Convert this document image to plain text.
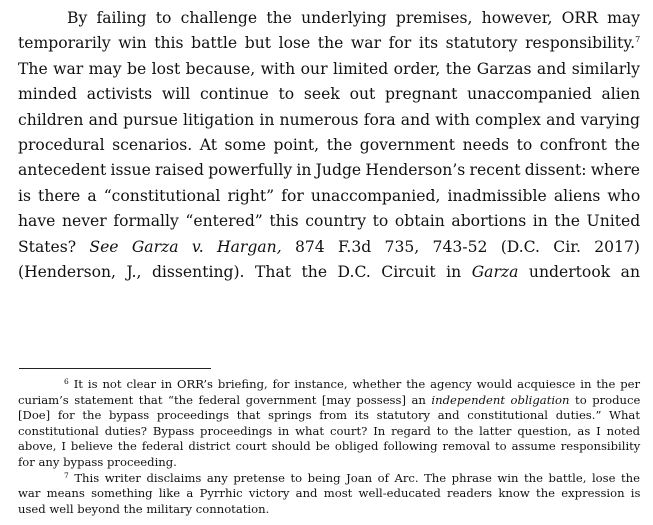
By failing to challenge the underlying premises, however, ORR may
temporarily win this battle but lose the war for its statutory responsibility.$^7$
The war may be lost because, with our limited order, the Garzas and similarly
minded activists will continue to seek out pregnant unaccompanied alien
children and pursue litigation in numerous fora and with complex and varying
procedural scenarios. At some point, the government needs to confront the
antecedent issue raised powerfully in Judge Henderson’s recent dissent: where
is there a “constitutional right” for unaccompanied, inadmissible aliens who
have never formally “entered” this country to obtain abortions in the United
States? See Garza v. Hargan, 874 F.3d 735, 743-52 (D.C. Cir. 2017)
(Henderson, J., dissenting). That the D.C. Circuit in Garza undertook an
$^6$ It is not clear in ORR’s briefing, for instance, whether the agency would acquiesce in the per
curiam’s statement that “the federal government [may possess] an independent obligation to produce
[Doe] for the bypass proceedings that springs from its statutory and constitutional duties.” What
constitutional duties? Bypass proceedings in what court? In regard to the latter question, as I noted
above, I believe the federal district court should be obliged following removal to assume responsibility
for any bypass proceeding.
$^7$ This writer disclaims any pretense to being Joan of Arc. The phrase win the battle, lose the
war means something like a Pyrrhic victory and most well-educated readers know the expression is
used well beyond the military connotation.
